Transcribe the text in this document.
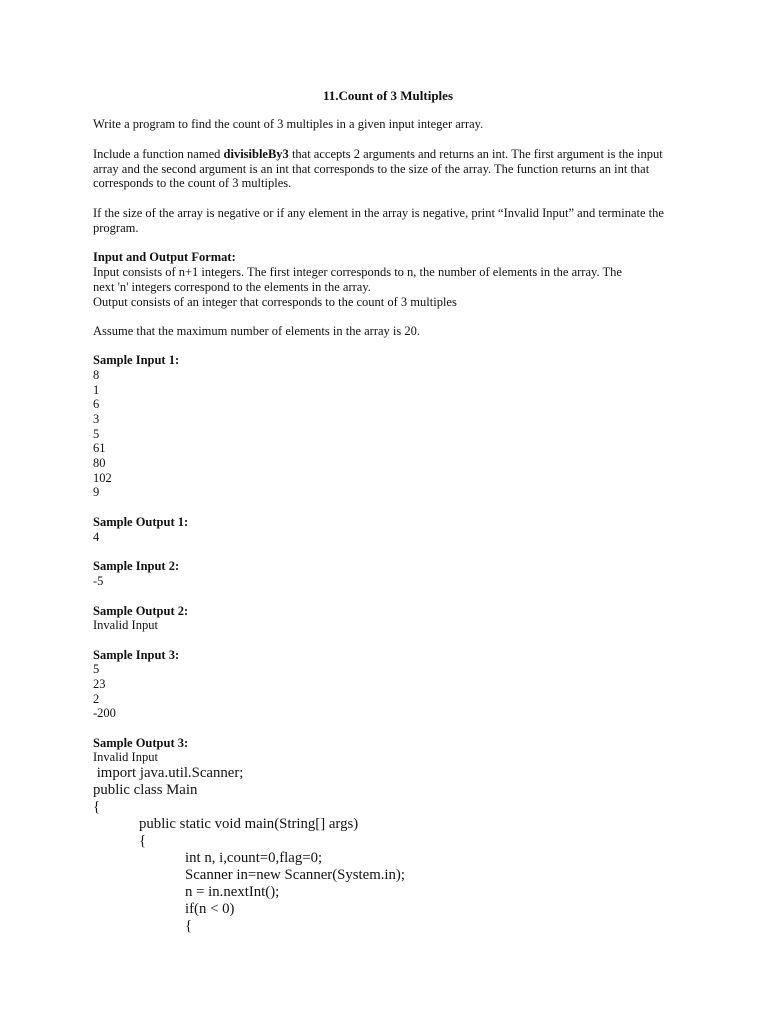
11.Count of 3 Multiples
Write a program to find the count of 3 multiples in a given input integer array.
Include a function named divisibleBy3 that accepts 2 arguments and returns an int. The first argument is the input array and the second argument is an int that corresponds to the size of the array. The function returns an int that corresponds to the count of 3 multiples.
If the size of the array is negative or if any element in the array is negative, print “Invalid Input” and terminate the program.
Input and Output Format:
Input consists of n+1 integers. The first integer corresponds to n, the number of elements in the array. The
next 'n' integers correspond to the elements in the array.
Output consists of an integer that corresponds to the count of 3 multiples
Assume that the maximum number of elements in the array is 20.
Sample Input 1:
8
1
6
3
5
61
80
102
9
Sample Output 1:
4
Sample Input 2:
-5
Sample Output 2:
Invalid Input
Sample Input 3:
5
23
2
-200
Sample Output 3:
Invalid Input
import java.util.Scanner;
public class Main
{
public static void main(String[] args)
{
int n, i,count=0,flag=0;
Scanner in=new Scanner(System.in);
n = in.nextInt();
if(n < 0)
{
